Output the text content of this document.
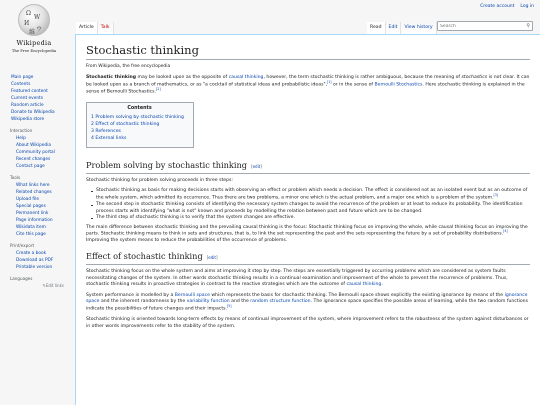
Create account Log in
Ω
W
И
ウ
維
Wikipedia
The Free Encyclopedia
Main page
Contents
Featured content
Current events
Random article
Donate to Wikipedia
Wikipedia store
Interaction
Help
About Wikipedia
Community portal
Recent changes
Contact page
Tools
What links here
Related changes
Upload file
Special pages
Permanent link
Page information
Wikidata item
Cite this page
Print/export
Create a book
Download as PDF
Printable version
Languages
✎Edit links
Article	Talk	Read	Edit	View history
Search	⚲
Stochastic thinking
From Wikipedia, the free encyclopedia

Stochastic thinking may be looked upon as the opposite of causal thinking, however, the term stochastic thinking is rather ambiguous, because the meaning of stochastics is not clear. It can be looked upon as a branch of mathematics, or as "a cocktail of statistical ideas and probabilistic ideas",[1] or in the sense of Bernoulli Stochastics. Here stochastic thinking is explained in the sense of Bernoulli Stochastics.[2]

Contents
1 Problem solving by stochastic thinking
2 Effect of stochastic thinking
3 References
4 External links
Problem solving by stochastic thinking [edit]

Stochastic thinking for problem solving proceeds in three steps:

Stochastic thinking as basis for making decisions starts with observing an effect or problem which needs a decision. The effect is considered not as an isolated event but as an outcome of the whole system, which admitted its occurrence. Thus there are two problems, a minor one which is the actual problem, and a major one which is a problem of the system.[3]
The second step in stochastic thinking consists of identifying the necessary system changes to avoid the recurrence of the problem or at least to reduce its probability. The identification process starts with identifying "what is not" known and proceeds by modelling the relation between past and future which are to be changed.
The third step of stochastic thinking is to verify that the system changes are effective.

The main difference between stochastic thinking and the prevailing causal thinking is the focus: Stochastic thinking focus on improving the whole, while causal thinking focus on improving the parts. Stochastic thinking means to think in sets and structures, that is, to link the set representing the past and the sets representing the future by a set of probability distributions.[4] Improving the system means to reduce the probabilities of the occurrence of problems.

Effect of stochastic thinking [edit]

Stochastic thinking focus on the whole system and aims at improving it step by step. The steps are essentially triggered by occurring problems which are considered as system faults necessitating changes of the system. In other words stochastic thinking results in a continual examination and improvement of the whole to prevent the recurrence of problems. Thus, stochastic thinking results in proactive strategies in contrast to the reactive strategies which are the outcome of causal thinking.

System performance is modelled by a Bernoulli space which represents the basis for stochastic thinking. The Bernoulli space shows explicitly the existing ignorance by means of the ignorance space and the inherent randomness by the variability function and the random structure function. The ignorance space specifies the possible areas of learning, while the two random functions indicate the possibilities of future changes and their impacts.[5]

Stochastic thinking is oriented towards long-term effects by means of continual improvement of the system, where improvement refers to the robustness of the system against disturbances or in other words improvements refer to the stability of the system.
